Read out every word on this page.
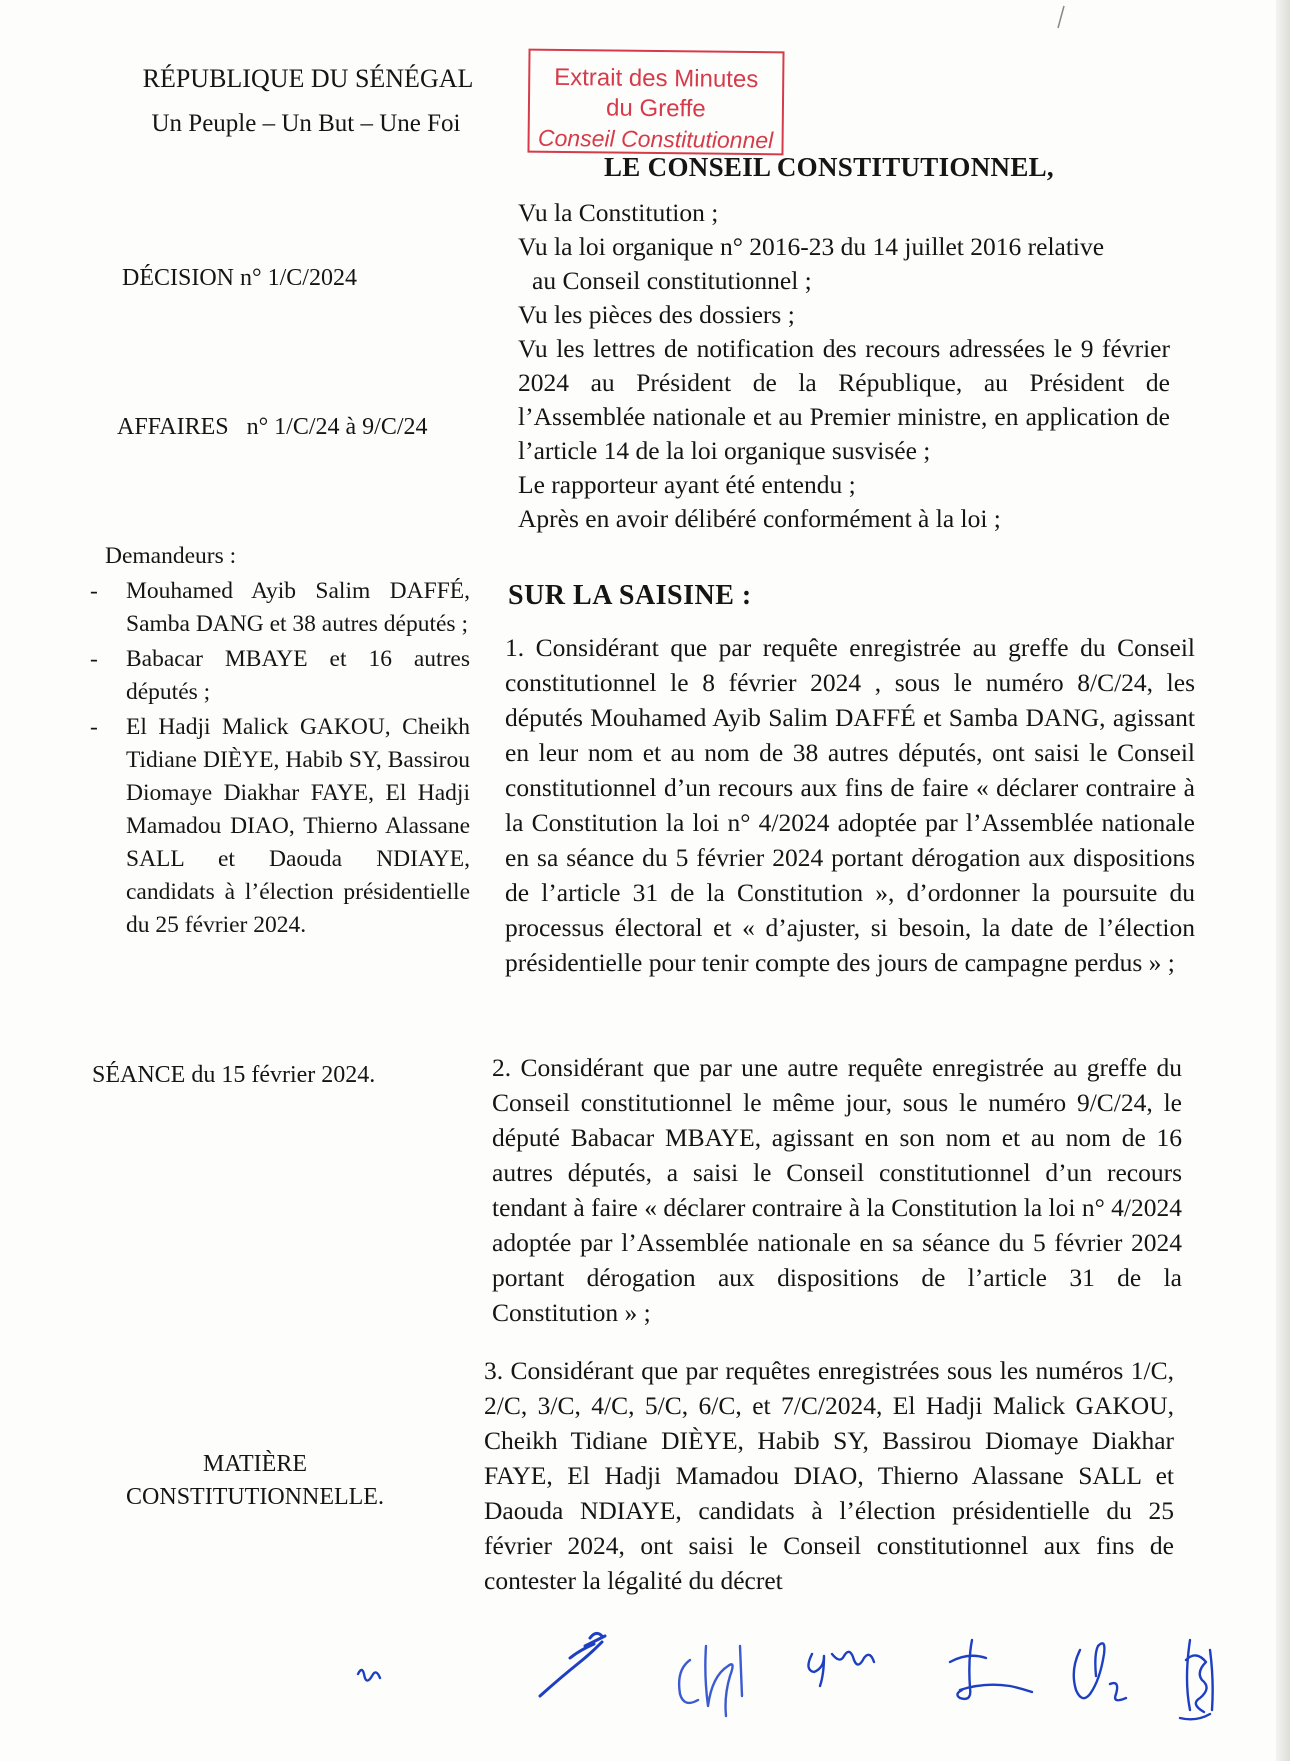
RÉPUBLIQUE DU SÉNÉGAL
Un Peuple – Un But – Une Foi
DÉCISION n° 1/C/2024
AFFAIRES   n° 1/C/24 à 9/C/24
Demandeurs :
- Mouhamed Ayib Salim DAFFÉ, Samba DANG et 38 autres députés ;
- Babacar MBAYE et 16 autres députés ;
- El Hadji Malick GAKOU, Cheikh Tidiane DIÈYE, Habib SY, Bassirou Diomaye Diakhar FAYE, El Hadji Mamadou DIAO, Thierno Alassane SALL et Daouda NDIAYE, candidats à l’élection présidentielle du 25 février 2024.
SÉANCE du 15 février 2024.
MATIÈRE
CONSTITUTIONNELLE.
Extrait des Minutes
du Greffe
Conseil Constitutionnel
LE CONSEIL CONSTITUTIONNEL,

Vu la Constitution ;

Vu la loi organique n° 2016-23 du 14 juillet 2016 relative

au Conseil constitutionnel ;

Vu les pièces des dossiers ;

Vu les lettres de notification des recours adressées le 9 février 2024 au Président de la République, au Président de l’Assemblée nationale et au Premier ministre, en application de l’article 14 de la loi organique susvisée ;

Le rapporteur ayant été entendu ;

Après en avoir délibéré conformément à la loi ;

SUR LA SAISINE :

1. Considérant que par requête enregistrée au greffe du Conseil constitutionnel le 8 février 2024 , sous le numéro 8/C/24, les députés Mouhamed Ayib Salim DAFFÉ et Samba DANG, agissant en leur nom et au nom de 38 autres députés, ont saisi le Conseil constitutionnel d’un recours aux fins de faire « déclarer contraire à la Constitution la loi n° 4/2024 adoptée par l’Assemblée nationale en sa séance du 5 février 2024 portant dérogation aux dispositions de l’article 31 de la Constitution », d’ordonner la poursuite du processus électoral et « d’ajuster, si besoin, la date de l’élection présidentielle pour tenir compte des jours de campagne perdus » ;

2. Considérant que par une autre requête enregistrée au greffe du Conseil constitutionnel le même jour, sous le numéro 9/C/24, le député Babacar MBAYE, agissant en son nom et au nom de 16 autres députés, a saisi le Conseil constitutionnel d’un recours tendant à faire « déclarer contraire à la Constitution la loi n° 4/2024 adoptée par l’Assemblée nationale en sa séance du 5 février 2024 portant dérogation aux dispositions de l’article 31 de la Constitution » ;

3. Considérant que par requêtes enregistrées sous les numéros 1/C, 2/C, 3/C, 4/C, 5/C, 6/C, et 7/C/2024, El Hadji Malick GAKOU, Cheikh Tidiane DIÈYE, Habib SY, Bassirou Diomaye Diakhar FAYE, El Hadji Mamadou DIAO, Thierno Alassane SALL et Daouda NDIAYE, candidats à l’élection présidentielle du 25 février 2024, ont saisi le Conseil constitutionnel aux fins de contester la légalité du décret
